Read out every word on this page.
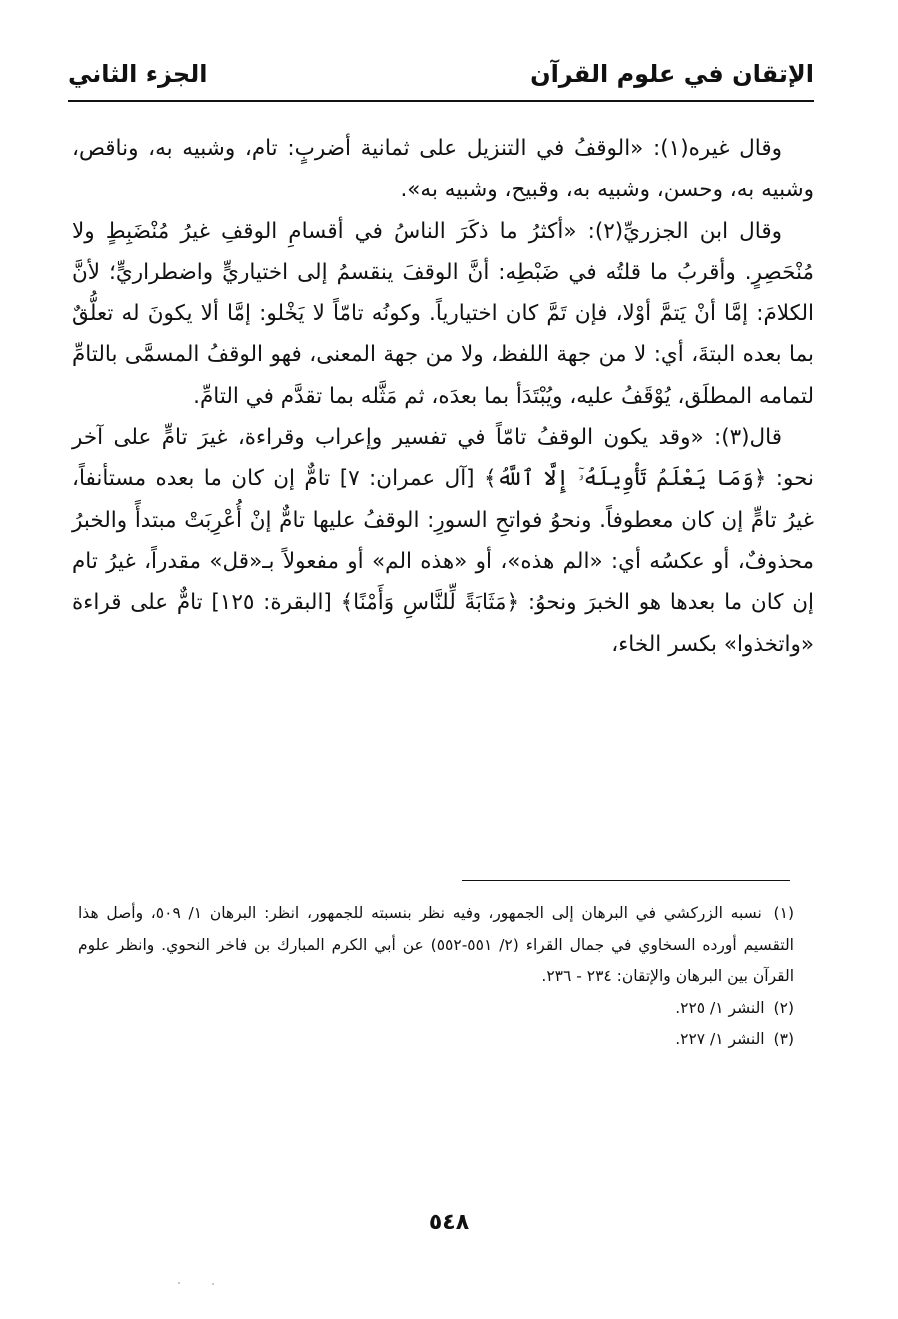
الإتقان في علوم القرآن
الجزء الثاني

وقال غيره(١): «الوقفُ في التنزيل على ثمانية أضربٍ: تام، وشبيه به، وناقص، وشبيه به، وحسن، وشبيه به، وقبيح، وشبيه به».

وقال ابن الجزريِّ(٢): «أكثرُ ما ذكَرَ الناسُ في أقسامِ الوقفِ غيرُ مُنْضَبِطٍ ولا مُنْحَصِرٍ. وأقربُ ما قلتُه في ضَبْطِه: أنَّ الوقفَ ينقسمُ إلى اختياريٍّ واضطراريٍّ؛ لأنَّ الكلامَ: إمَّا أنْ يَتمَّ أوْلا، فإن تَمَّ كان اختيارياً. وكونُه تامّاً لا يَخْلو: إمَّا ألا يكونَ له تعلُّقٌ بما بعده البتةَ، أي: لا من جهة اللفظ، ولا من جهة المعنى، فهو الوقفُ المسمَّى بالتامِّ لتمامه المطلَق، يُوْقَفُ عليه، ويُبْتَدَأ بما بعدَه، ثم مَثَّله بما تقدَّم في التامِّ.

قال(٣): «وقد يكون الوقفُ تامّاً في تفسير وإعراب وقراءة، غيرَ تامٍّ على آخر نحو: ﴿وَمَا يَعْلَمُ تَأْوِيلَهُۥٓ إِلَّا ٱللَّهُ﴾ [آل عمران: ٧] تامٌّ إن كان ما بعده مستأنفاً، غيرُ تامٍّ إن كان معطوفاً. ونحوُ فواتحِ السورِ: الوقفُ عليها تامٌّ إنْ أُعْرِبَتْ مبتدأً والخبرُ محذوفٌ، أو عكسُه أي: «الم هذه»، أو «هذه الم» أو مفعولاً بـ«قل» مقدراً، غيرُ تام إن كان ما بعدها هو الخبرَ ونحوُ: ﴿مَثَابَةً لِّلنَّاسِ وَأَمْنًا﴾ [البقرة: ١٢٥] تامٌّ على قراءة «واتخذوا» بكسر الخاء،

(١) نسبه الزركشي في البرهان إلى الجمهور، وفيه نظر بنسبته للجمهور، انظر: البرهان ١/ ٥٠٩، وأصل هذا التقسيم أورده السخاوي في جمال القراء (٢/ ٥٥١-٥٥٢) عن أبي الكرم المبارك بن فاخر النحوي. وانظر علوم القرآن بين البرهان والإتقان: ٢٣٤ - ٢٣٦.

(٢) النشر ١/ ٢٢٥.

(٣) النشر ١/ ٢٢٧.

٥٤٨
